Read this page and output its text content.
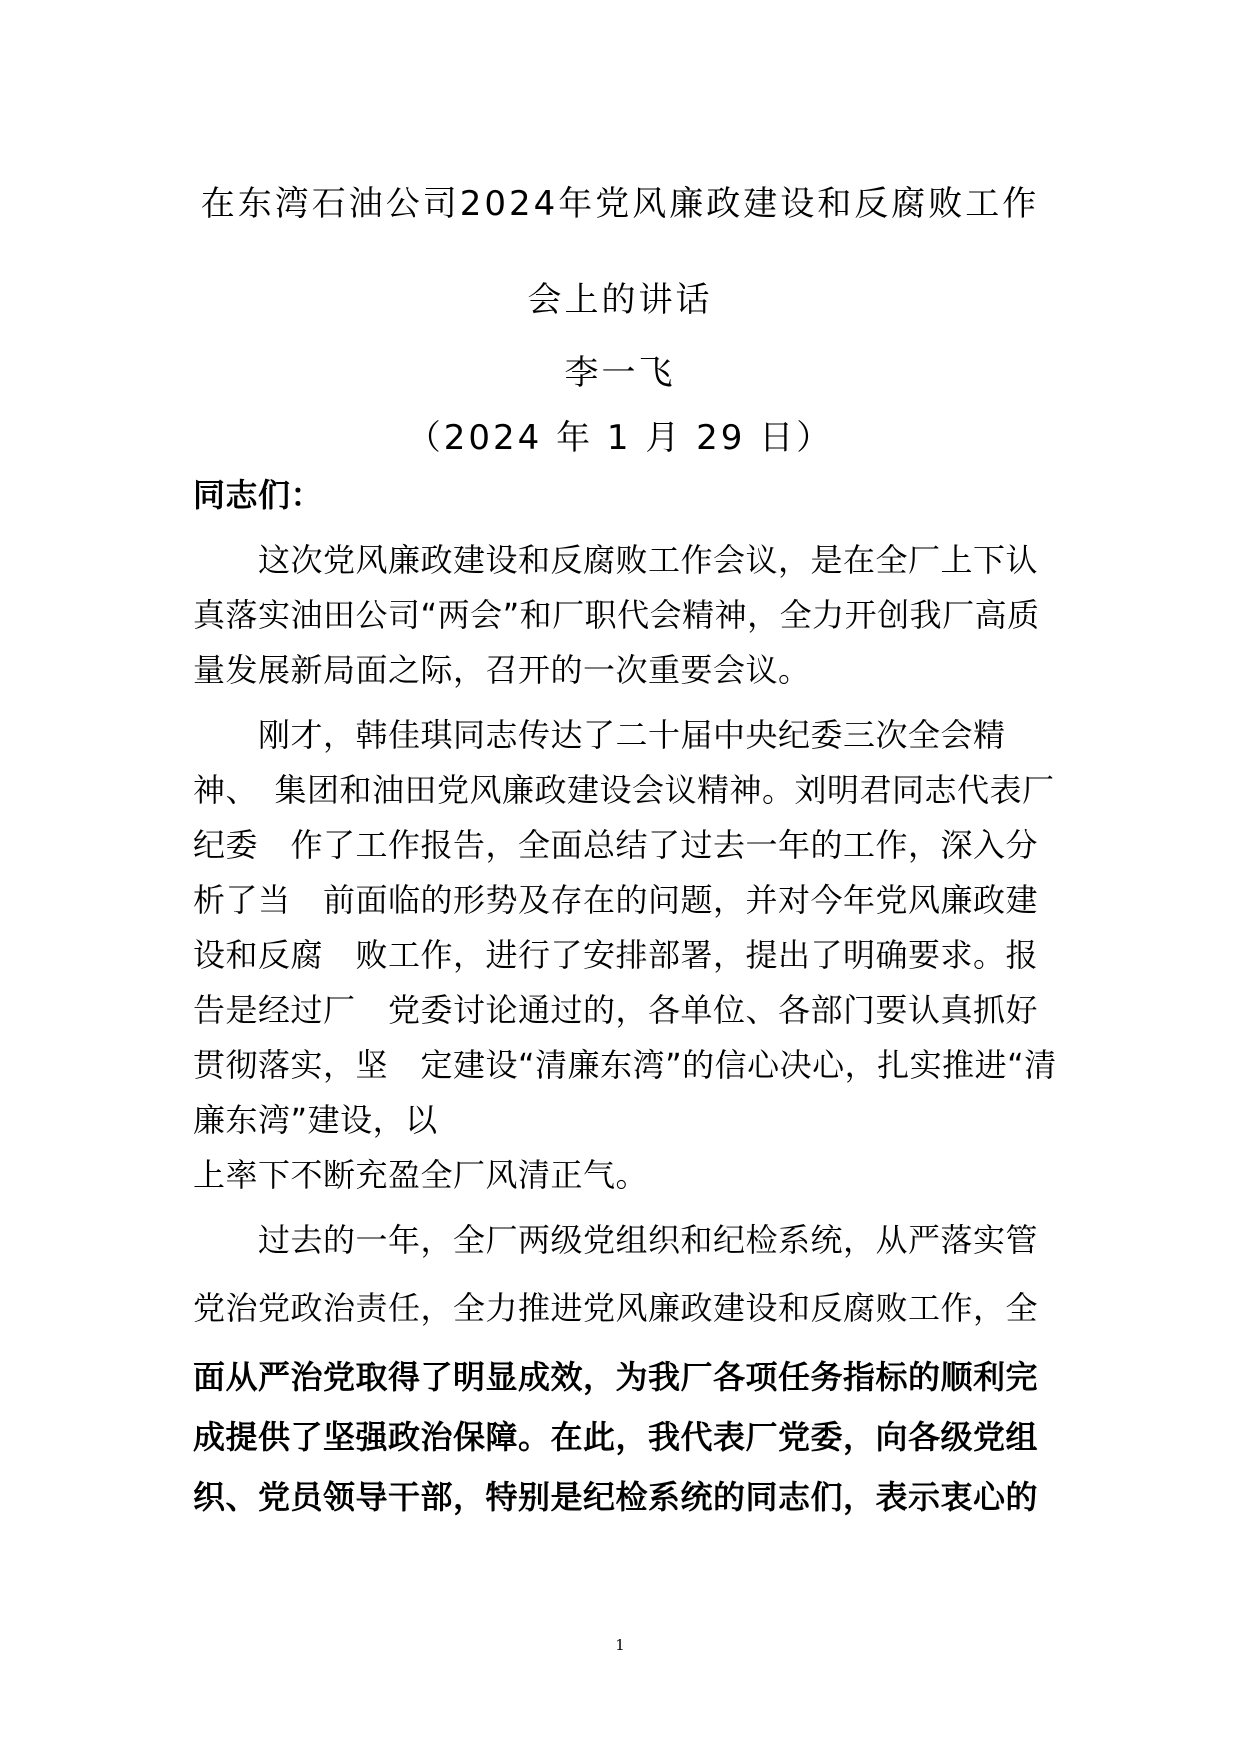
在东湾石油公司2024年党风廉政建设和反腐败工作
会上的讲话
李一飞
（2024 年 1 月 29 日）
同志们：
　　这次党风廉政建设和反腐败工作会议，是在全厂上下认
真落实油田公司“两会”和厂职代会精神，全力开创我厂高质
量发展新局面之际，召开的一次重要会议。
　　刚才，韩佳琪同志传达了二十届中央纪委三次全会精
神、　集团和油田党风廉政建设会议精神。刘明君同志代表厂
纪委　作了工作报告，全面总结了过去一年的工作，深入分
析了当　前面临的形势及存在的问题，并对今年党风廉政建
设和反腐　败工作，进行了安排部署，提出了明确要求。报
告是经过厂　党委讨论通过的，各单位、各部门要认真抓好
贯彻落实，坚　定建设“清廉东湾”的信心决心，扎实推进“清
廉东湾”建设，以
上率下不断充盈全厂风清正气。
　　过去的一年，全厂两级党组织和纪检系统，从严落实管
党治党政治责任，全力推进党风廉政建设和反腐败工作，全
面从严治党取得了明显成效，为我厂各项任务指标的顺利完
成提供了坚强政治保障。在此，我代表厂党委，向各级党组
织、党员领导干部，特别是纪检系统的同志们，表示衷心的
1
